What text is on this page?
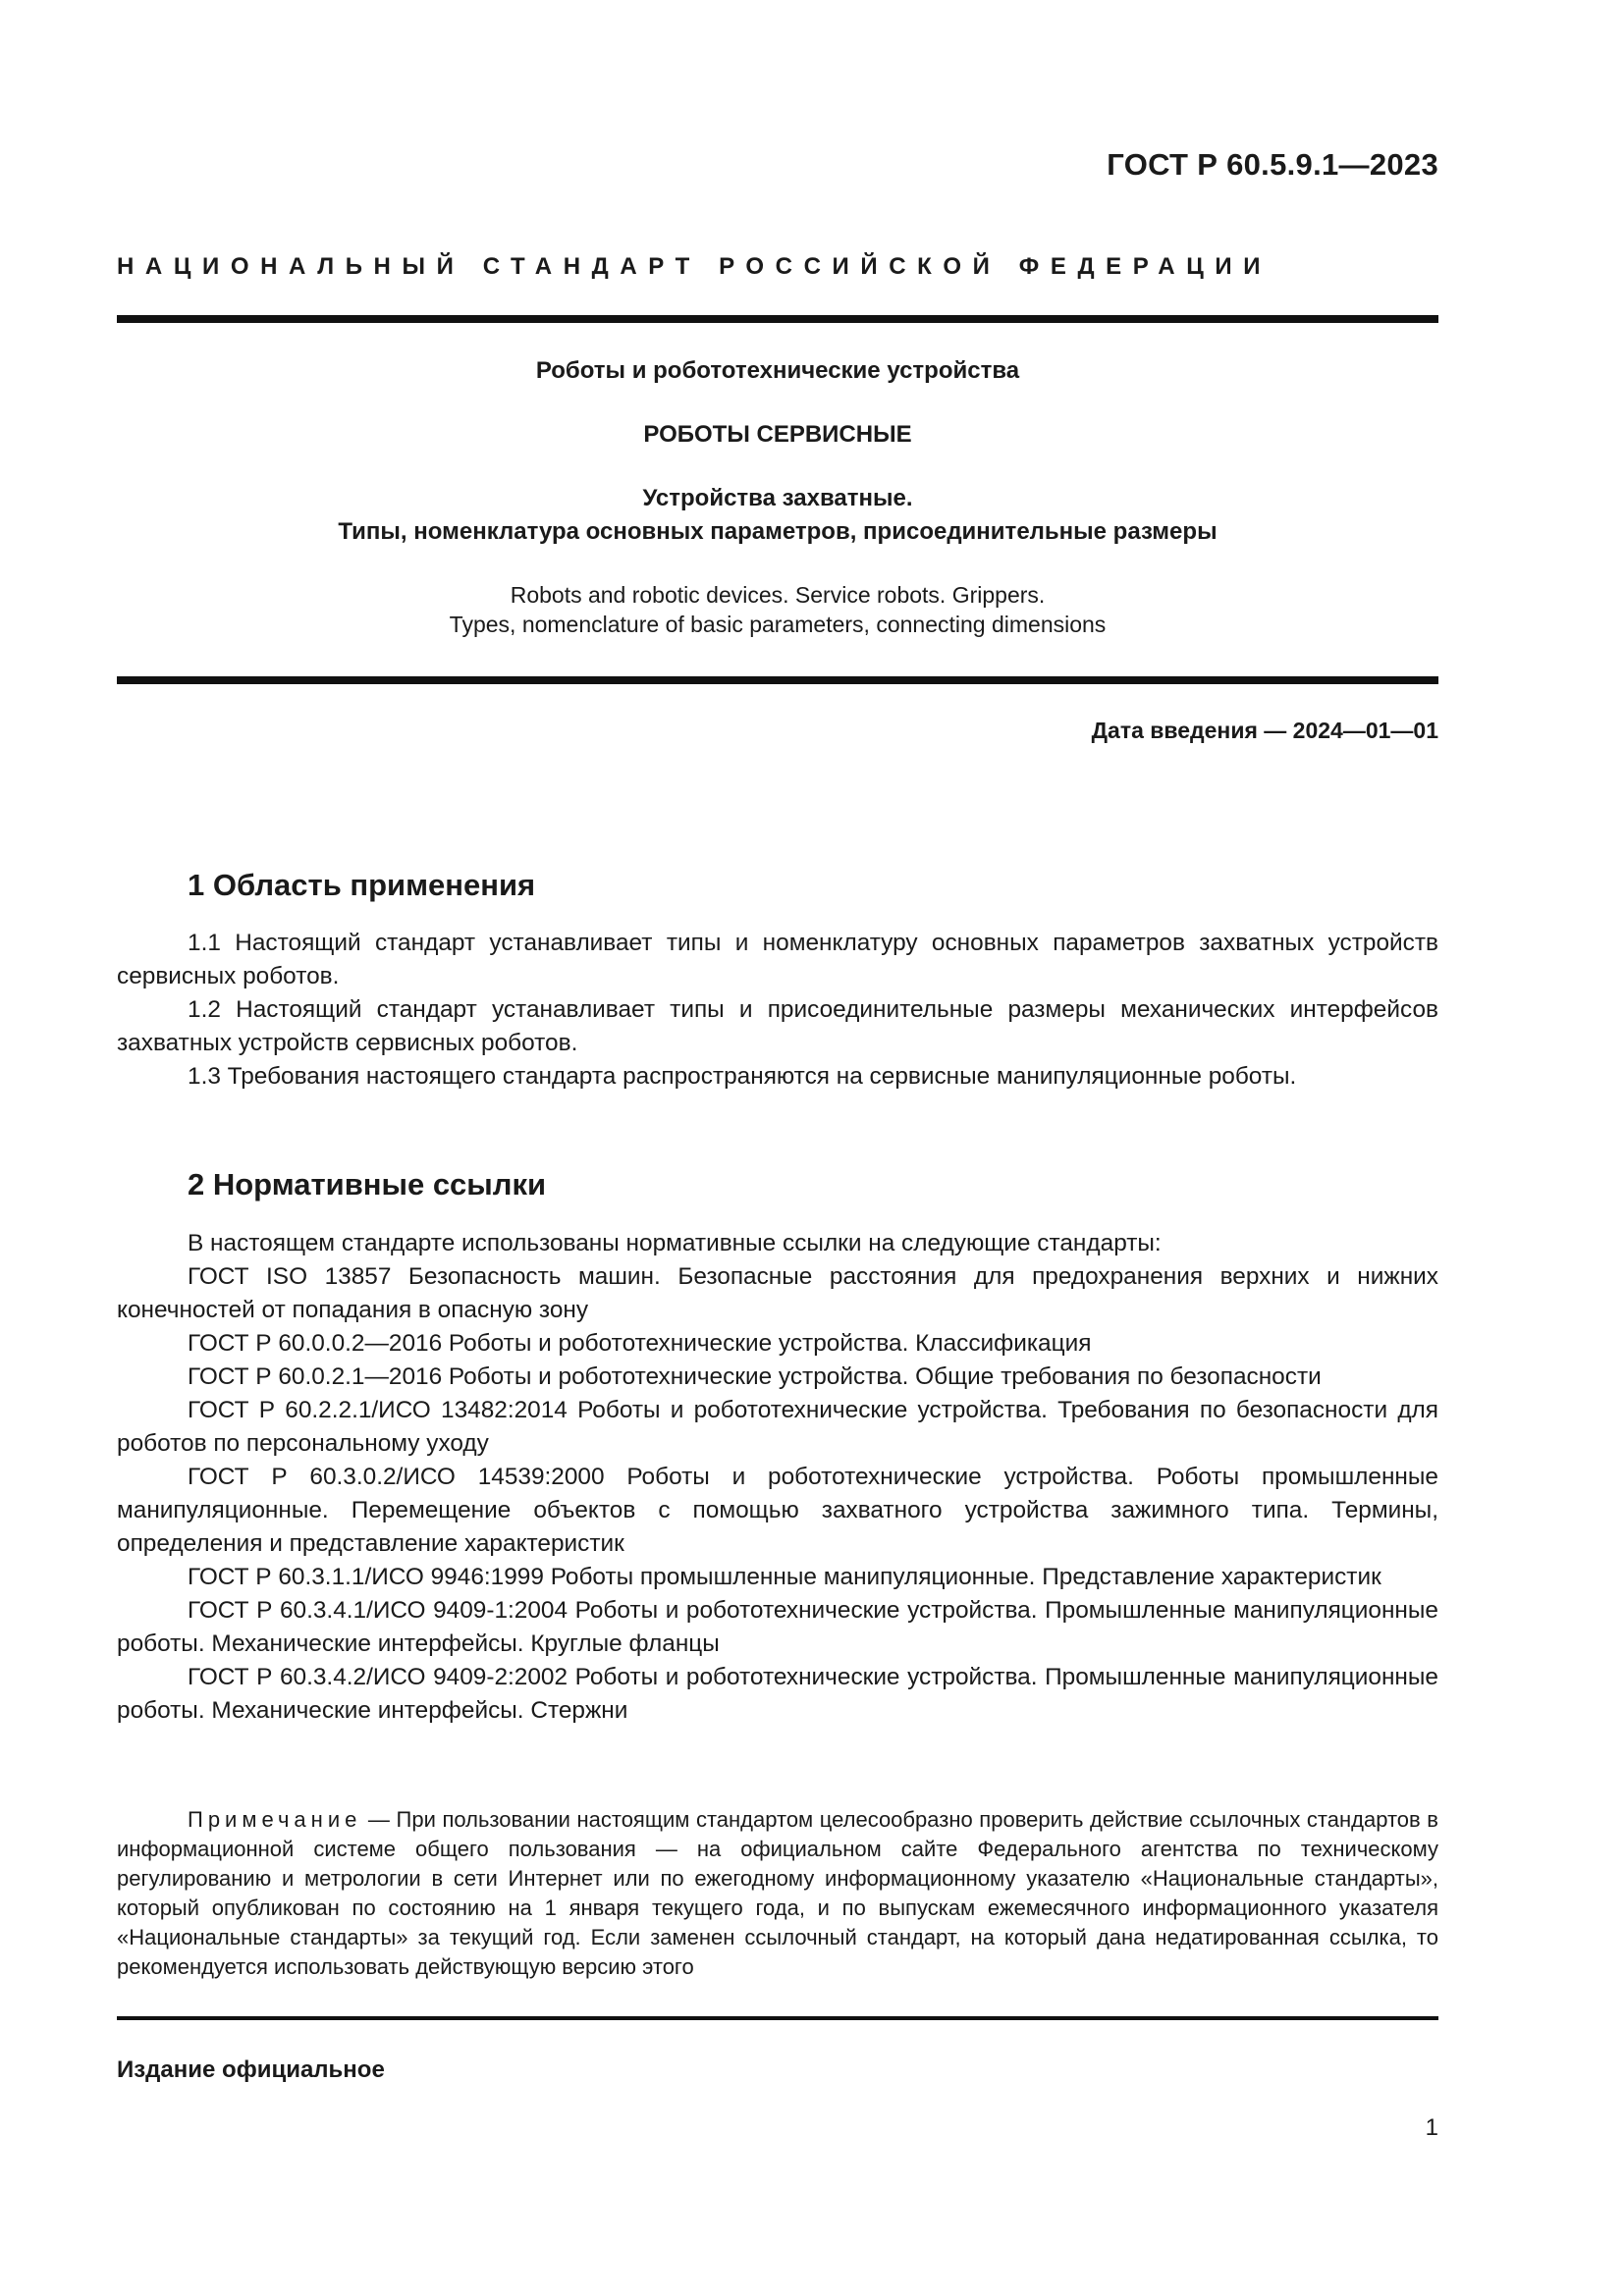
ГОСТ Р 60.5.9.1—2023
НАЦИОНАЛЬНЫЙ СТАНДАРТ РОССИЙСКОЙ ФЕДЕРАЦИИ
Роботы и робототехнические устройства
РОБОТЫ СЕРВИСНЫЕ
Устройства захватные.
Типы, номенклатура основных параметров, присоединительные размеры
Robots and robotic devices. Service robots. Grippers.
Types, nomenclature of basic parameters, connecting dimensions
Дата введения — 2024—01—01
1 Область применения

1.1 Настоящий стандарт устанавливает типы и номенклатуру основных параметров захватных устройств сервисных роботов.

1.2 Настоящий стандарт устанавливает типы и присоединительные размеры механических интерфейсов захватных устройств сервисных роботов.

1.3 Требования настоящего стандарта распространяются на сервисные манипуляционные роботы.

2 Нормативные ссылки

В настоящем стандарте использованы нормативные ссылки на следующие стандарты:

ГОСТ ISO 13857 Безопасность машин. Безопасные расстояния для предохранения верхних и нижних конечностей от попадания в опасную зону

ГОСТ Р 60.0.0.2—2016 Роботы и робототехнические устройства. Классификация

ГОСТ Р 60.0.2.1—2016 Роботы и робототехнические устройства. Общие требования по безопасности

ГОСТ Р 60.2.2.1/ИСО 13482:2014 Роботы и робототехнические устройства. Требования по безопасности для роботов по персональному уходу

ГОСТ Р 60.3.0.2/ИСО 14539:2000 Роботы и робототехнические устройства. Роботы промышленные манипуляционные. Перемещение объектов с помощью захватного устройства зажимного типа. Термины, определения и представление характеристик

ГОСТ Р 60.3.1.1/ИСО 9946:1999 Роботы промышленные манипуляционные. Представление характеристик

ГОСТ Р 60.3.4.1/ИСО 9409-1:2004 Роботы и робототехнические устройства. Промышленные манипуляционные роботы. Механические интерфейсы. Круглые фланцы

ГОСТ Р 60.3.4.2/ИСО 9409-2:2002 Роботы и робототехнические устройства. Промышленные манипуляционные роботы. Механические интерфейсы. Стержни

Примечание — При пользовании настоящим стандартом целесообразно проверить действие ссылочных стандартов в информационной системе общего пользования — на официальном сайте Федерального агентства по техническому регулированию и метрологии в сети Интернет или по ежегодному информационному указателю «Национальные стандарты», который опубликован по состоянию на 1 января текущего года, и по выпускам ежемесячного информационного указателя «Национальные стандарты» за текущий год. Если заменен ссылочный стандарт, на который дана недатированная ссылка, то рекомендуется использовать действующую версию этого

Издание официальное
1
